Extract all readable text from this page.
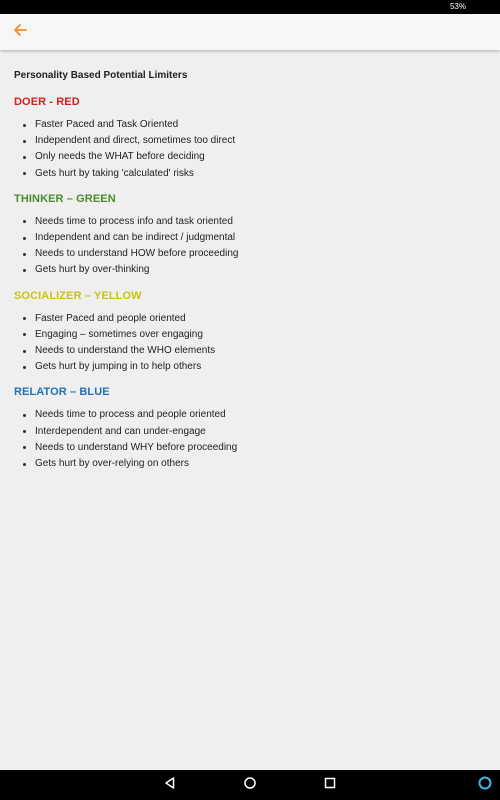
53%
Personality Based Potential Limiters
DOER - RED
Faster Paced and Task Oriented
Independent and direct, sometimes too direct
Only needs the WHAT before deciding
Gets hurt by taking 'calculated' risks
THINKER – GREEN
Needs time to process info and task oriented
Independent and can be indirect / judgmental
Needs to understand HOW before proceeding
Gets hurt by over-thinking
SOCIALIZER – YELLOW
Faster Paced and people oriented
Engaging – sometimes over engaging
Needs to understand the WHO elements
Gets hurt by jumping in to help others
RELATOR – BLUE
Needs time to process and people oriented
Interdependent and can under-engage
Needs to understand WHY before proceeding
Gets hurt by over-relying on others
